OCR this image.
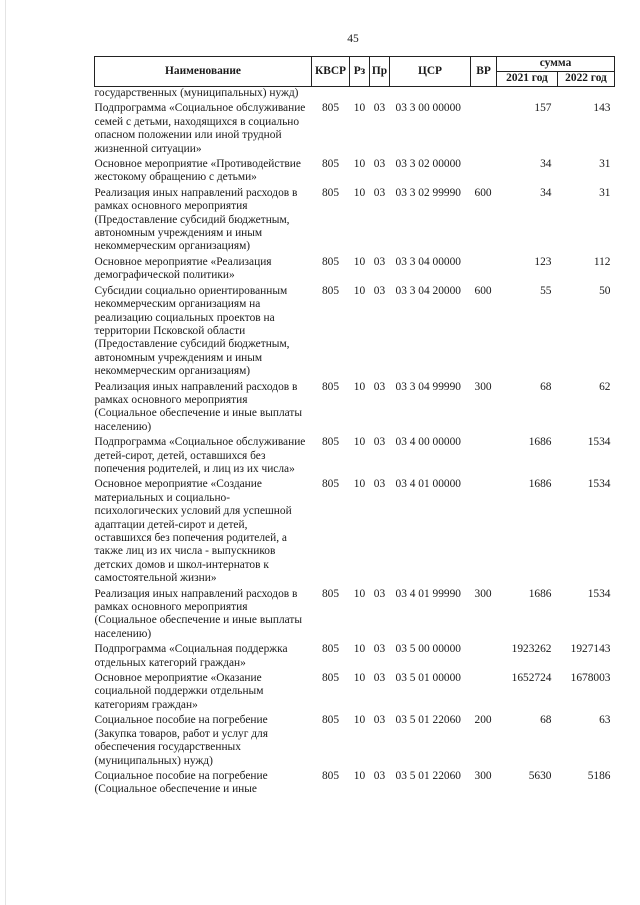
45
Наименование	КВСР	Рз	Пр	ЦСР	ВР	сумма	
						2021 год	2022 год
государственных (муниципальных) нужд)							
Подпрограмма «Социальное обслуживание семей с детьми, находящихся в социально опасном положении или иной трудной жизненной ситуации»	805	10	03	03 3 00 00000		157	143
Основное мероприятие «Противодействие жестокому обращению с детьми»	805	10	03	03 3 02 00000		34	31
Реализация иных направлений расходов в рамках основного мероприятия (Предоставление субсидий бюджетным, автономным учреждениям и иным некоммерческим организациям)	805	10	03	03 3 02 99990	600	34	31
Основное мероприятие «Реализация демографической политики»	805	10	03	03 3 04 00000		123	112
Субсидии социально ориентированным некоммерческим организациям на реализацию социальных проектов на территории Псковской области (Предоставление субсидий бюджетным, автономным учреждениям и иным некоммерческим организациям)	805	10	03	03 3 04 20000	600	55	50
Реализация иных направлений расходов в рамках основного мероприятия (Социальное обеспечение и иные выплаты населению)	805	10	03	03 3 04 99990	300	68	62
Подпрограмма «Социальное обслуживание детей-сирот, детей, оставшихся без попечения родителей, и лиц из их числа»	805	10	03	03 4 00 00000		1686	1534
Основное мероприятие «Создание материальных и социально-психологических условий для успешной адаптации детей-сирот и детей, оставшихся без попечения родителей, а также лиц из их числа - выпускников детских домов и школ-интернатов к самостоятельной жизни»	805	10	03	03 4 01 00000		1686	1534
Реализация иных направлений расходов в рамках основного мероприятия (Социальное обеспечение и иные выплаты населению)	805	10	03	03 4 01 99990	300	1686	1534
Подпрограмма «Социальная поддержка отдельных категорий граждан»	805	10	03	03 5 00 00000		1923262	1927143
Основное мероприятие «Оказание социальной поддержки отдельным категориям граждан»	805	10	03	03 5 01 00000		1652724	1678003
Социальное пособие на погребение (Закупка товаров, работ и услуг для обеспечения государственных (муниципальных) нужд)	805	10	03	03 5 01 22060	200	68	63
Социальное пособие на погребение (Социальное обеспечение и иные	805	10	03	03 5 01 22060	300	5630	5186
